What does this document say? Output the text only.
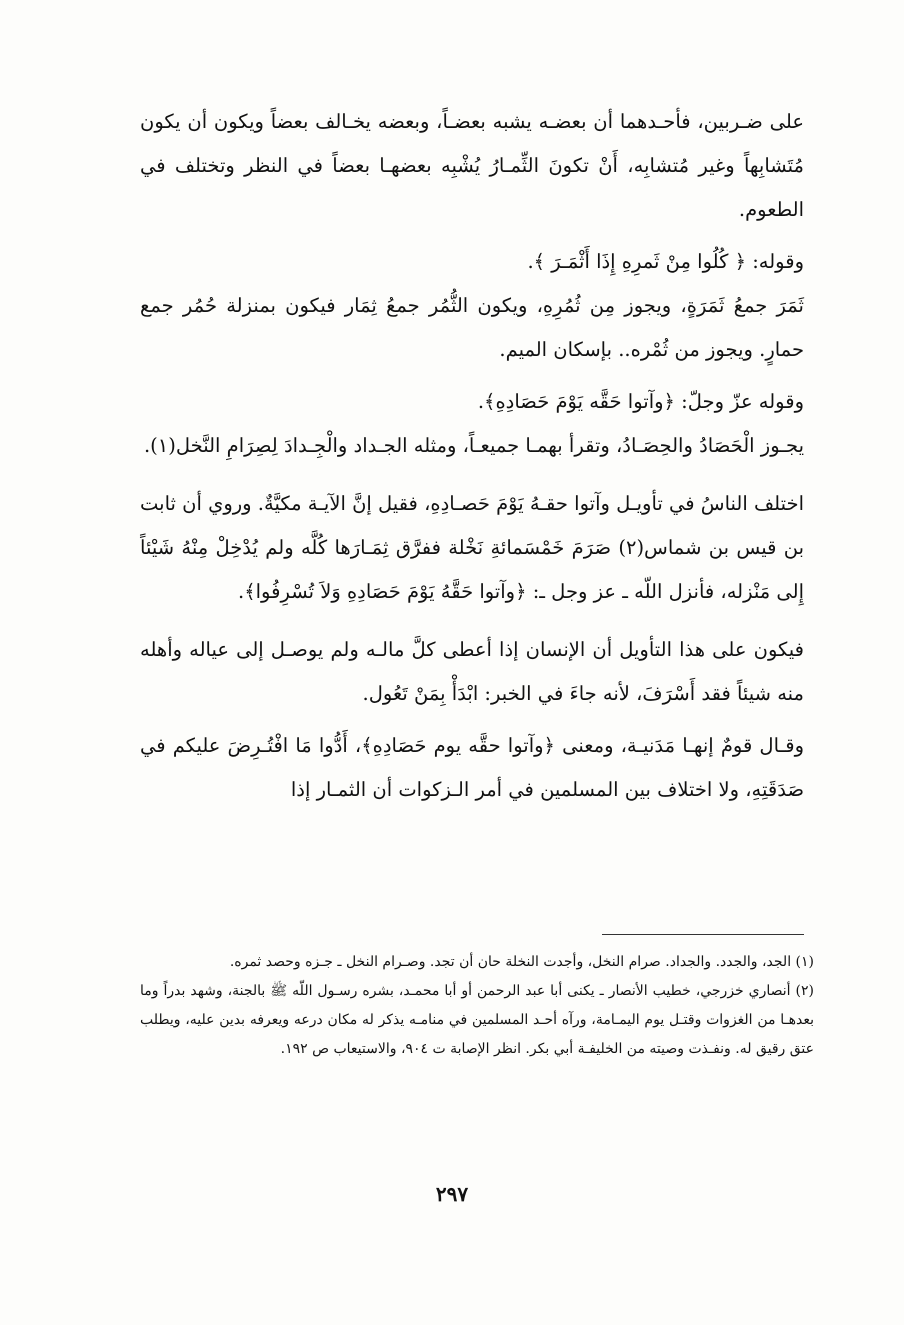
على ضـربين، فأحـدهما أن بعضـه يشبه بعضـاً، وبعضه يخـالف بعضاً ويكون أن يكون مُتَشابِهاً وغير مُتشابِه، أَنْ تكونَ الثِّمـارُ يُشْبِه بعضهـا بعضاً في النظر وتختلف في الطعوم.

وقوله: ﴿ كُلُوا مِنْ ثَمرِهِ إِذَا أَثْمَـرَ ﴾.

ثَمَرَ جمعُ ثَمَرَةٍ، ويجوز مِن ثُمُرِهِ، ويكون الثُّمُر جمعُ ثِمَار فيكون بمنزلة حُمُر جمع حمارٍ. ويجوز من ثُمْره.. بإسكان الميم.

وقوله عزّ وجلّ: ﴿وآتوا حَقَّه يَوْمَ حَصَادِهِ﴾.

يجـوز الْحَصَادُ والحِصَـادُ، وتقرأ بهمـا جميعـاً، ومثله الجـداد والْجِـدادَ لِصِرَامِ النَّخل(١).

اختلف الناسُ في تأويـل وآتوا حقـهُ يَوْمَ حَصـادِهِ، فقيل إنَّ الآيـة مكيَّةٌ. وروي أن ثابت بن قيس بن شماس(٢) صَرَمَ خَمْسَمائةِ نَخْلة ففرَّق ثِمَـارَها كُلَّه ولم يُدْخِلْ مِنْهُ شَيْئاً إِلى مَنْزله، فأنزل اللّه ـ عز وجل ـ: ﴿وآتوا حَقَّهُ يَوْمَ حَصَادِهِ وَلاَ تُسْرِفُوا﴾.

فيكون على هذا التأويل أن الإنسان إذا أعطى كلَّ مالـه ولم يوصـل إلى عياله وأهله منه شيئاً فقد أَسْرَفَ، لأنه جاءَ في الخبر: ابْدَأْ بِمَنْ تَعُول.

وقـال قومٌ إنهـا مَدَنيـة، ومعنى ﴿وآتوا حقَّه يوم حَصَادِهِ﴾، أَدُّوا مَا افْتُـرِضَ عليكم في صَدَقَتِهِ، ولا اختلاف بين المسلمين في أمر الـزكوات أن الثمـار إذا

(١) الجد، والجدد. والجداد. صرام النخل، وأجدت النخلة حان أن تجد. وصـرام النخل ـ جـزه وحصد ثمره.

(٢) أنصاري خزرجي، خطيب الأنصار ـ يكنى أبا عبد الرحمن أو أبا محمـد، بشره رسـول اللّه ﷺ بالجنة، وشهد بدراً وما بعدهـا من الغزوات وقتـل يوم اليمـامة، ورآه أحـد المسلمين في منامـه يذكر له مكان درعه ويعرفه بدين عليه، ويطلب عتق رقيق له. ونفـذت وصيته من الخليفـة أبي بكر. انظر الإصابة ت ٩٠٤، والاستيعاب ص ١٩٢.

٢٩٧
